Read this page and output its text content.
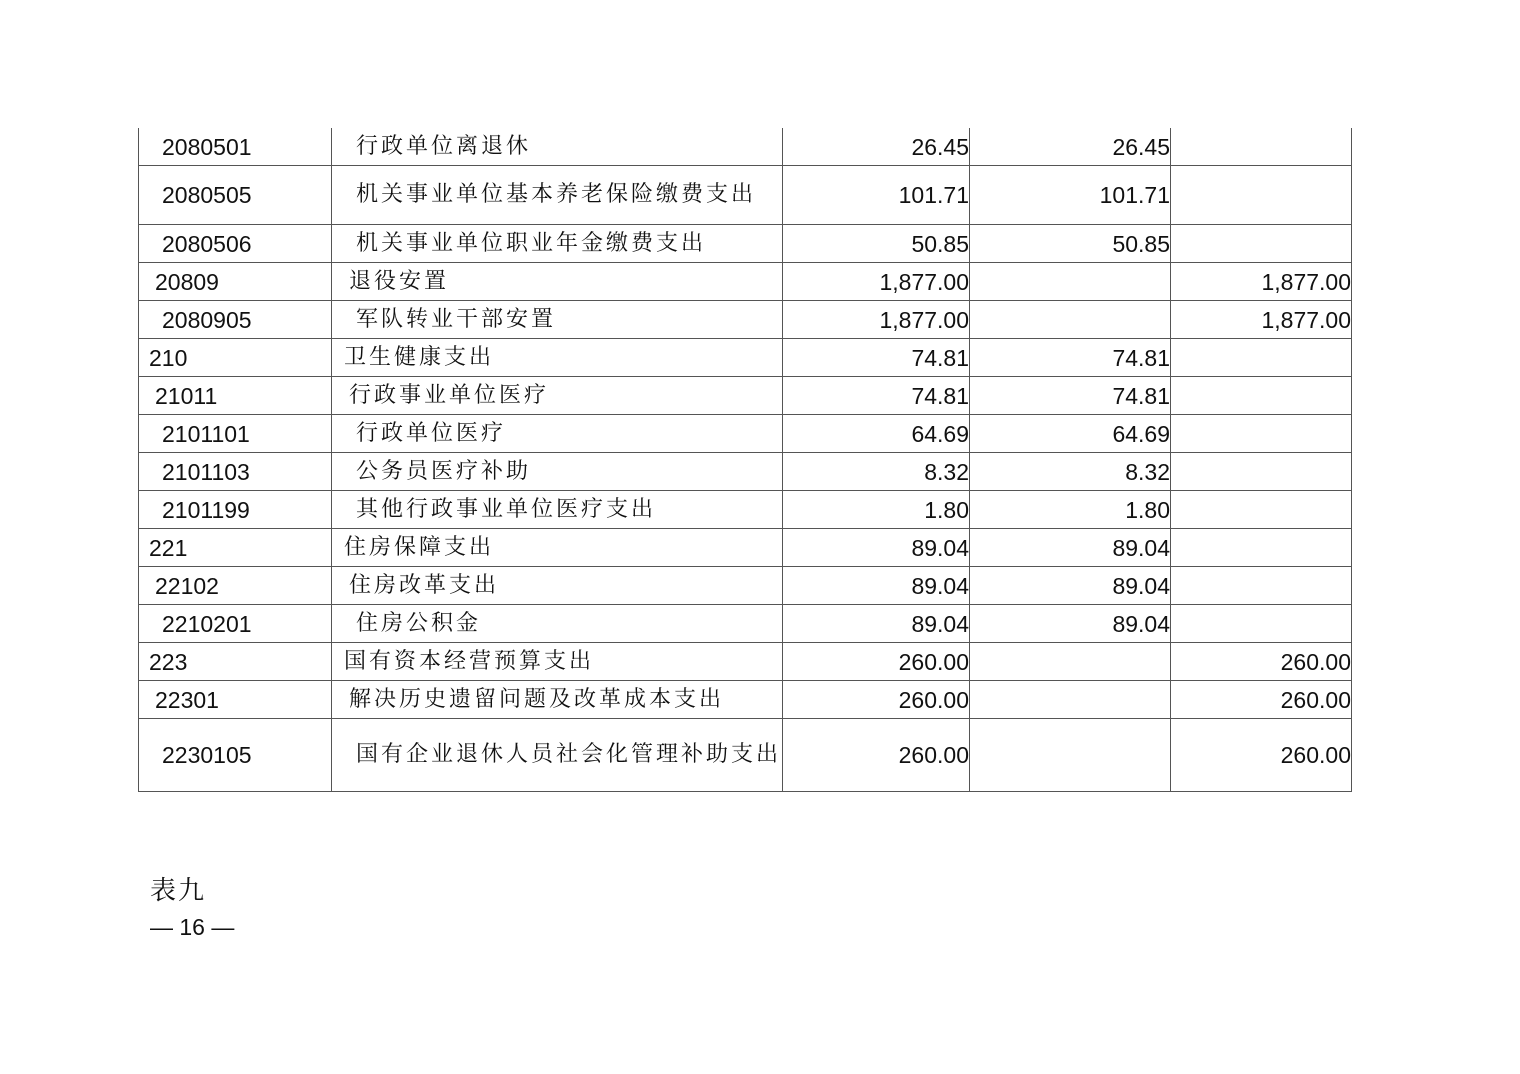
2080501	行政单位离退休	26.45	26.45	
2080505	机关事业单位基本养老保险缴费支出	101.71	101.71	
2080506	机关事业单位职业年金缴费支出	50.85	50.85	
20809	退役安置	1,877.00		1,877.00
2080905	军队转业干部安置	1,877.00		1,877.00
210	卫生健康支出	74.81	74.81	
21011	行政事业单位医疗	74.81	74.81	
2101101	行政单位医疗	64.69	64.69	
2101103	公务员医疗补助	8.32	8.32	
2101199	其他行政事业单位医疗支出	1.80	1.80	
221	住房保障支出	89.04	89.04	
22102	住房改革支出	89.04	89.04	
2210201	住房公积金	89.04	89.04	
223	国有资本经营预算支出	260.00		260.00
22301	解决历史遗留问题及改革成本支出	260.00		260.00
2230105	国有企业退休人员社会化管理补助支出	260.00		260.00
表九
— 16 —
